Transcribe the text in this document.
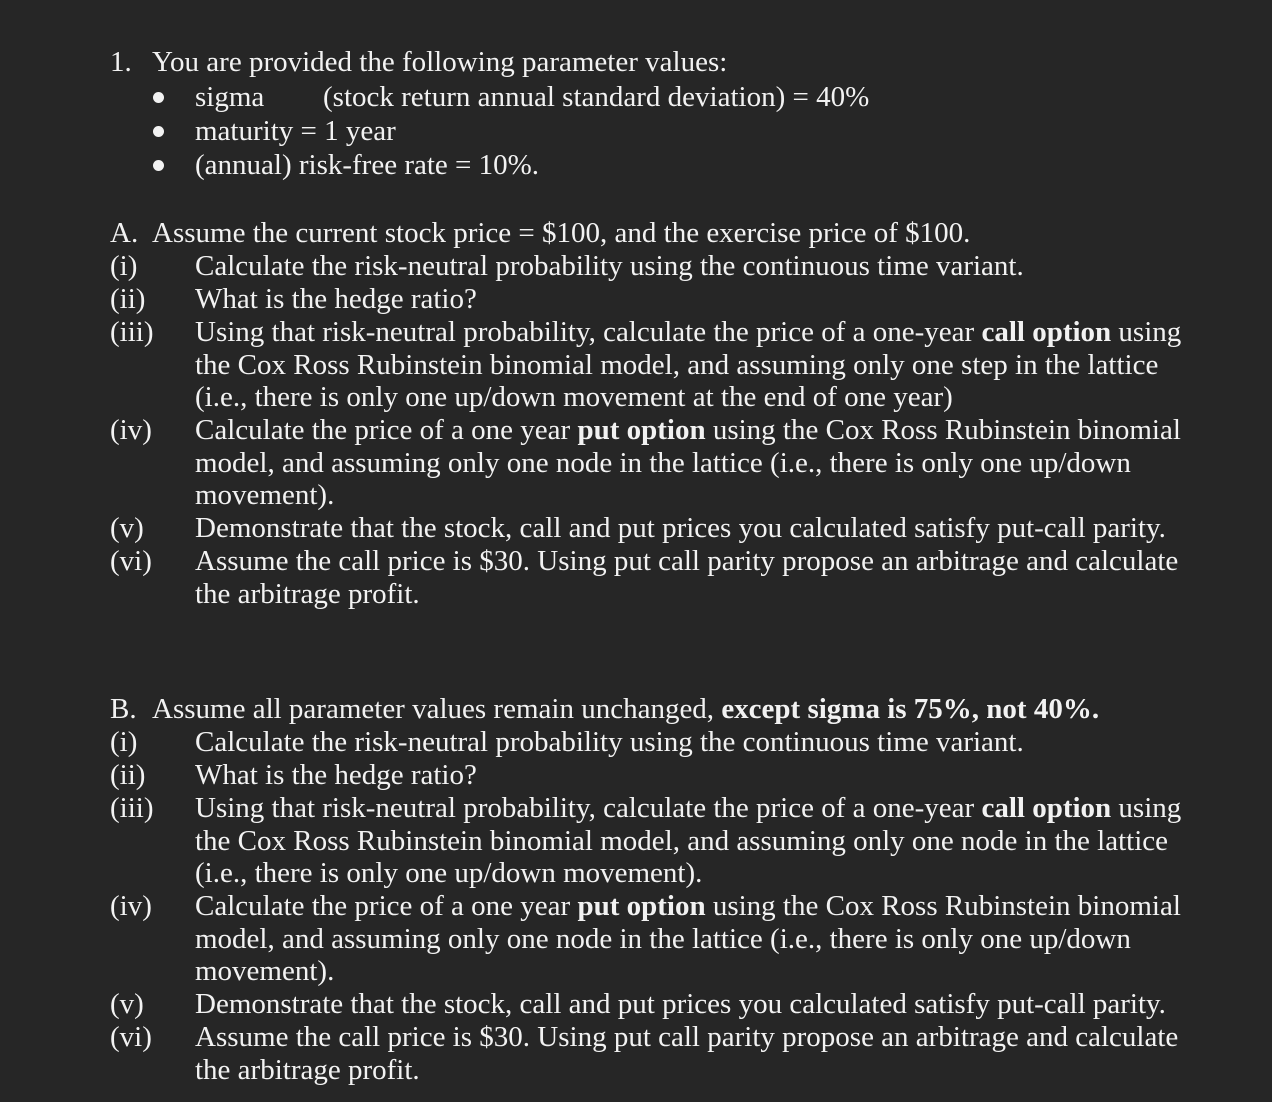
1. You are provided the following parameter values:
sigma (stock return annual standard deviation) = 40%
maturity = 1 year
(annual) risk-free rate = 10%.
A. Assume the current stock price = $100, and the exercise price of $100.
(i) Calculate the risk-neutral probability using the continuous time variant.
(ii) What is the hedge ratio?
(iii) Using that risk-neutral probability, calculate the price of a one-year call option using
the Cox Ross Rubinstein binomial model, and assuming only one step in the lattice
(i.e., there is only one up/down movement at the end of one year)
(iv) Calculate the price of a one year put option using the Cox Ross Rubinstein binomial
model, and assuming only one node in the lattice (i.e., there is only one up/down
movement).
(v) Demonstrate that the stock, call and put prices you calculated satisfy put-call parity.
(vi) Assume the call price is $30. Using put call parity propose an arbitrage and calculate
the arbitrage profit.
B. Assume all parameter values remain unchanged, except sigma is 75%, not 40%.
(i) Calculate the risk-neutral probability using the continuous time variant.
(ii) What is the hedge ratio?
(iii) Using that risk-neutral probability, calculate the price of a one-year call option using
the Cox Ross Rubinstein binomial model, and assuming only one node in the lattice
(i.e., there is only one up/down movement).
(iv) Calculate the price of a one year put option using the Cox Ross Rubinstein binomial
model, and assuming only one node in the lattice (i.e., there is only one up/down
movement).
(v) Demonstrate that the stock, call and put prices you calculated satisfy put-call parity.
(vi) Assume the call price is $30. Using put call parity propose an arbitrage and calculate
the arbitrage profit.
